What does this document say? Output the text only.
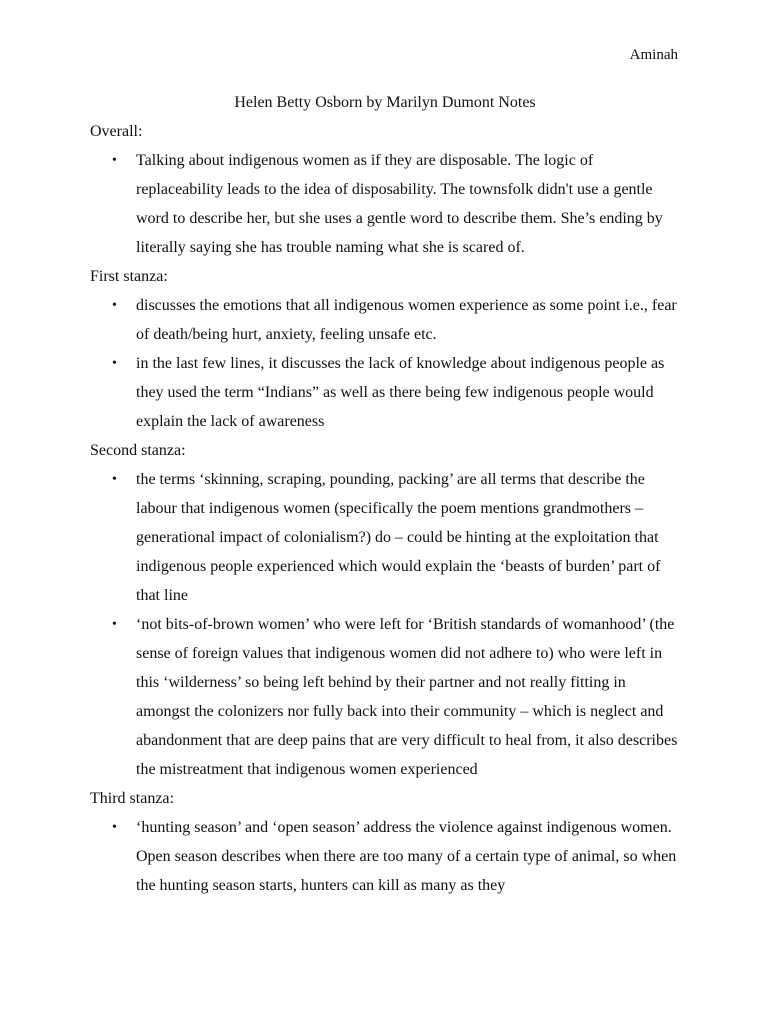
Aminah
Helen Betty Osborn by Marilyn Dumont Notes

Overall:

• Talking about indigenous women as if they are disposable. The logic of replaceability leads to the idea of disposability. The townsfolk didn't use a gentle word to describe her, but she uses a gentle word to describe them. She’s ending by literally saying she has trouble naming what she is scared of.

First stanza:

• discusses the emotions that all indigenous women experience as some point i.e., fear of death/being hurt, anxiety, feeling unsafe etc.
• in the last few lines, it discusses the lack of knowledge about indigenous people as they used the term “Indians” as well as there being few indigenous people would explain the lack of awareness

Second stanza:

• the terms ‘skinning, scraping, pounding, packing’ are all terms that describe the labour that indigenous women (specifically the poem mentions grandmothers – generational impact of colonialism?) do – could be hinting at the exploitation that indigenous people experienced which would explain the ‘beasts of burden’ part of that line
• ‘not bits-of-brown women’ who were left for ‘British standards of womanhood’ (the sense of foreign values that indigenous women did not adhere to) who were left in this ‘wilderness’ so being left behind by their partner and not really fitting in amongst the colonizers nor fully back into their community – which is neglect and abandonment that are deep pains that are very difficult to heal from, it also describes the mistreatment that indigenous women experienced

Third stanza:

• ‘hunting season’ and ‘open season’ address the violence against indigenous women. Open season describes when there are too many of a certain type of animal, so when the hunting season starts, hunters can kill as many as they
